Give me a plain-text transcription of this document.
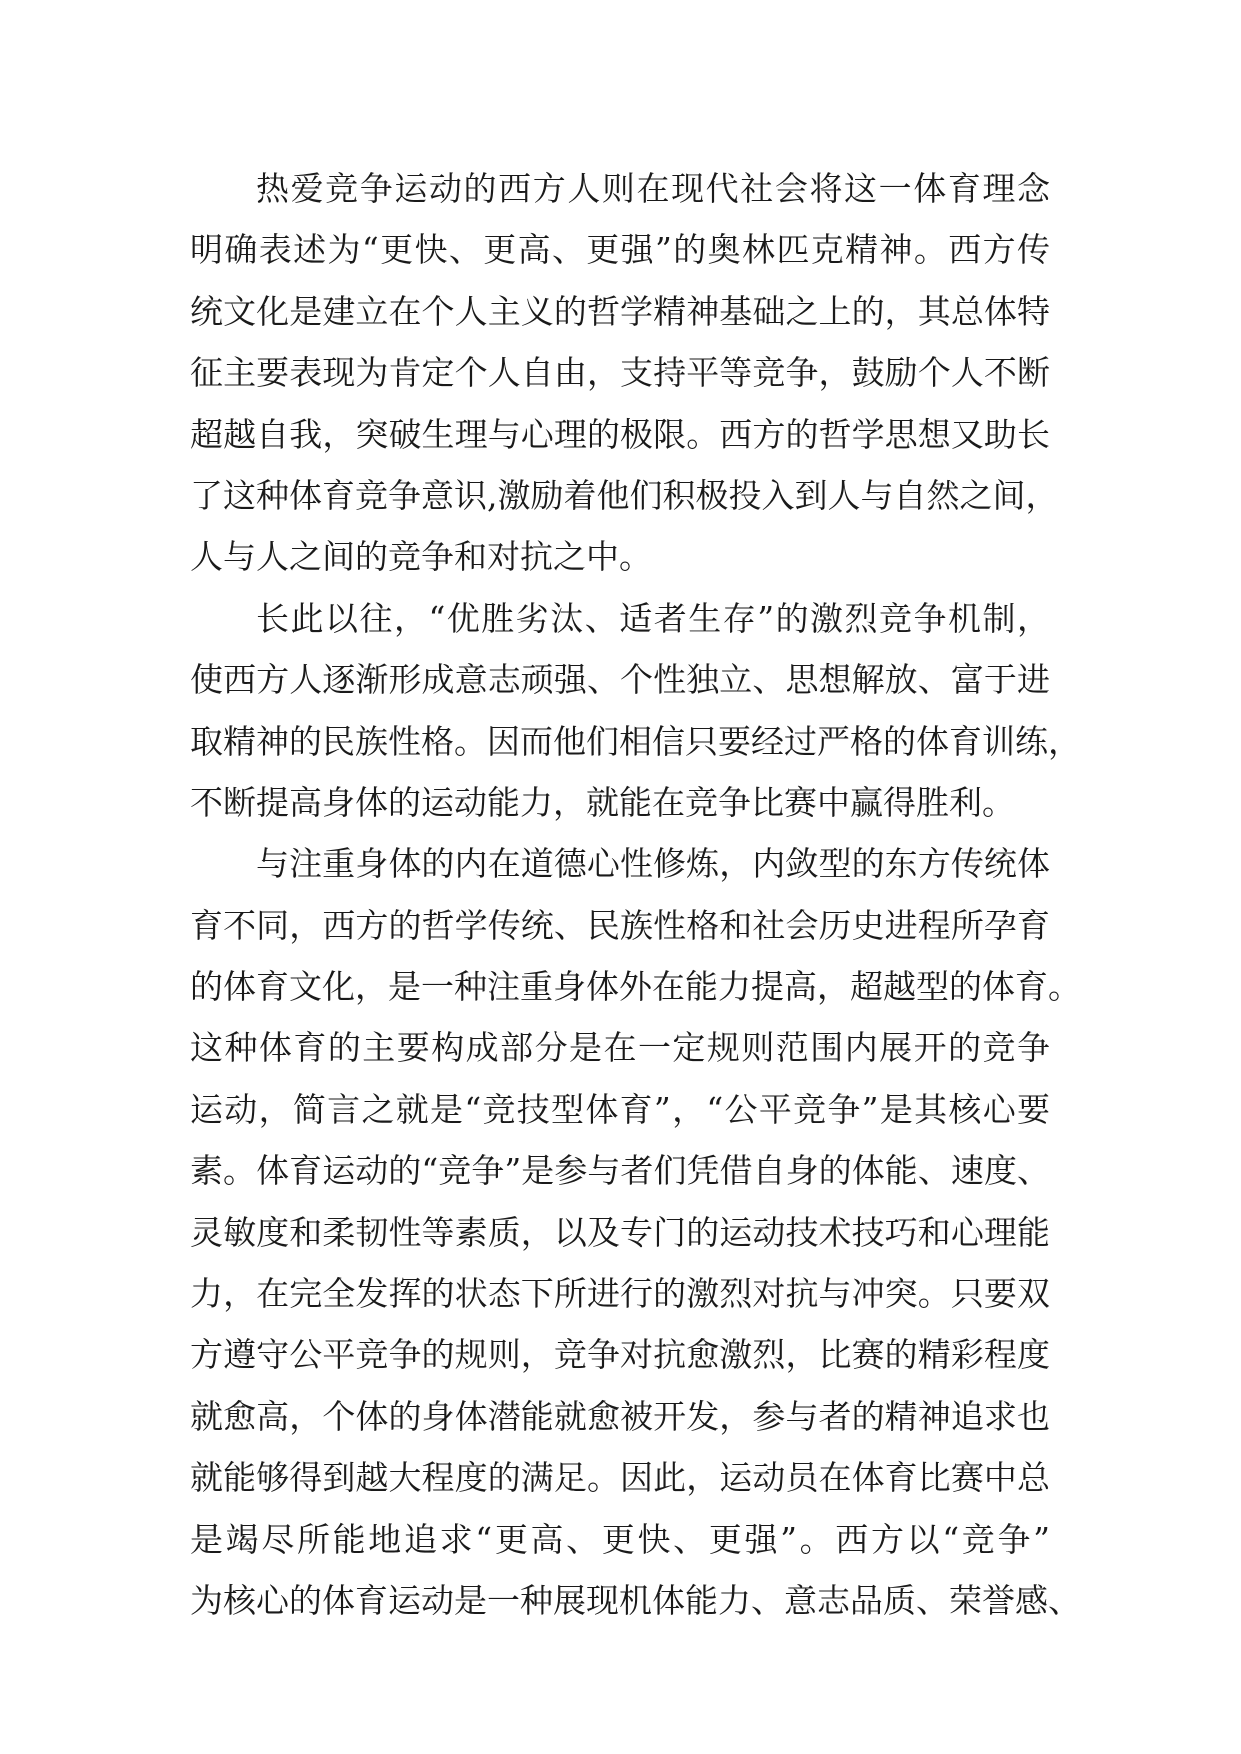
热爱竞争运动的西方人则在现代社会将这一体育理念
明确表述为“更快、更高、更强”的奥林匹克精神。西方传
统文化是建立在个人主义的哲学精神基础之上的，其总体特
征主要表现为肯定个人自由，支持平等竞争，鼓励个人不断
超越自我，突破生理与心理的极限。西方的哲学思想又助长
了这种体育竞争意识,激励着他们积极投入到人与自然之间，
人与人之间的竞争和对抗之中。
长此以往，“优胜劣汰、适者生存”的激烈竞争机制，
使西方人逐渐形成意志顽强、个性独立、思想解放、富于进
取精神的民族性格。因而他们相信只要经过严格的体育训练，
不断提高身体的运动能力，就能在竞争比赛中赢得胜利。
与注重身体的内在道德心性修炼，内敛型的东方传统体
育不同，西方的哲学传统、民族性格和社会历史进程所孕育
的体育文化，是一种注重身体外在能力提高，超越型的体育。
这种体育的主要构成部分是在一定规则范围内展开的竞争
运动，简言之就是“竞技型体育”，“公平竞争”是其核心要
素。体育运动的“竞争”是参与者们凭借自身的体能、速度、
灵敏度和柔韧性等素质，以及专门的运动技术技巧和心理能
力，在完全发挥的状态下所进行的激烈对抗与冲突。只要双
方遵守公平竞争的规则，竞争对抗愈激烈，比赛的精彩程度
就愈高，个体的身体潜能就愈被开发，参与者的精神追求也
就能够得到越大程度的满足。因此，运动员在体育比赛中总
是竭尽所能地追求“更高、更快、更强”。西方以“竞争”
为核心的体育运动是一种展现机体能力、意志品质、荣誉感、
